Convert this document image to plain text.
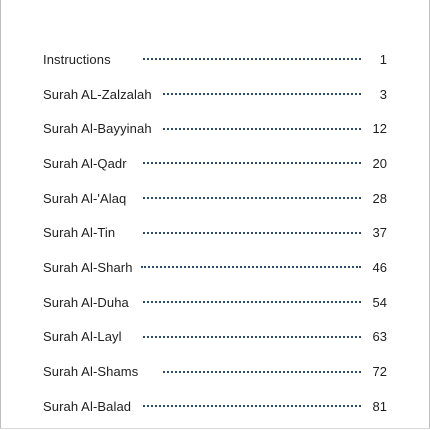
Instructions	1
Surah AL-Zalzalah	3
Surah Al-Bayyinah	12
Surah Al-Qadr	20
Surah Al-'Alaq	28
Surah Al-Tin	37
Surah Al-Sharh	46
Surah Al-Duha	54
Surah Al-Layl	63
Surah Al-Shams	72
Surah Al-Balad	81
